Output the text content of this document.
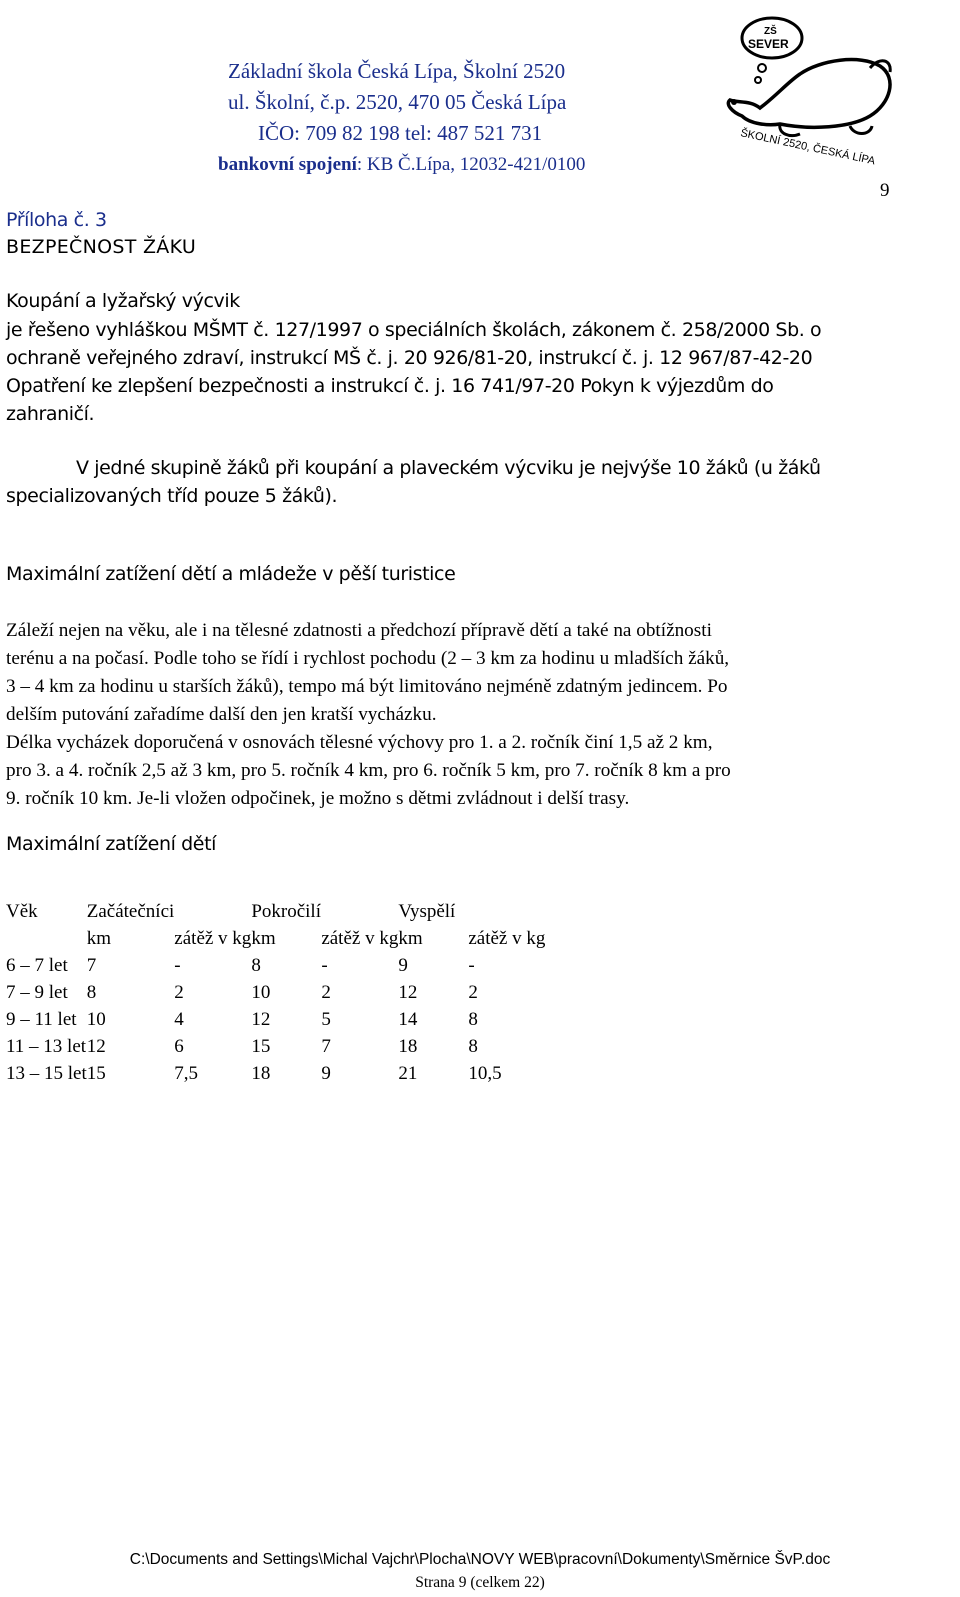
Základní škola Česká Lípa, Školní 2520
ul. Školní, č.p. 2520, 470 05 Česká Lípa
IČO: 709 82 198 tel: 487 521 731
bankovní spojení: KB Č.Lípa, 12032-421/0100
ZŠ
SEVER
ŠKOLNÍ 2520, ČESKÁ LÍPA
9
Příloha č. 3
BEZPEČNOST ŽÁKU
Koupání a lyžařský výcvik

je řešeno vyhláškou MŠMT č. 127/1997 o speciálních školách, zákonem č. 258/2000 Sb. o

ochraně veřejného zdraví, instrukcí MŠ č. j. 20 926/81-20, instrukcí č. j. 12 967/87-42-20

Opatření ke zlepšení bezpečnosti a instrukcí č. j. 16 741/97-20 Pokyn k výjezdům do

zahraničí.

V jedné skupině žáků při koupání a plaveckém výcviku je nejvýše 10 žáků (u žáků

specializovaných tříd pouze 5 žáků).

Maximální zatížení dětí a mládeže v pěší turistice

Záleží nejen na věku, ale i na tělesné zdatnosti a předchozí přípravě dětí a také na obtížnosti

terénu a na počasí. Podle toho se řídí i rychlost pochodu (2 – 3 km za hodinu u mladších žáků,

3 – 4 km za hodinu u starších žáků), tempo má být limitováno nejméně zdatným jedincem. Po

delším putování zařadíme další den jen kratší vycházku.

Délka vycházek doporučená v osnovách tělesné výchovy pro 1. a 2. ročník činí 1,5 až 2 km,

pro 3. a 4. ročník 2,5 až 3 km, pro 5. ročník 4 km, pro 6. ročník 5 km, pro 7. ročník 8 km a pro

9. ročník 10 km. Je-li vložen odpočinek, je možno s dětmi zvládnout i delší trasy.

Maximální zatížení dětí
Věk	Začátečníci		Pokročilí		Vyspělí		
	km	zátěž v kg	km	zátěž v kg	km	zátěž v kg	
6 – 7 let	7	-	8	-	9	-	
7 – 9 let	8	2	10	2	12	2	
9 – 11 let	10	4	12	5	14	8	
11 – 13 let	12	6	15	7	18	8	
13 – 15 let	15	7,5	18	9	21	10,5	
C:\Documents and Settings\Michal Vajchr\Plocha\NOVY WEB\pracovní\Dokumenty\Směrnice ŠvP.doc
Strana 9 (celkem 22)
